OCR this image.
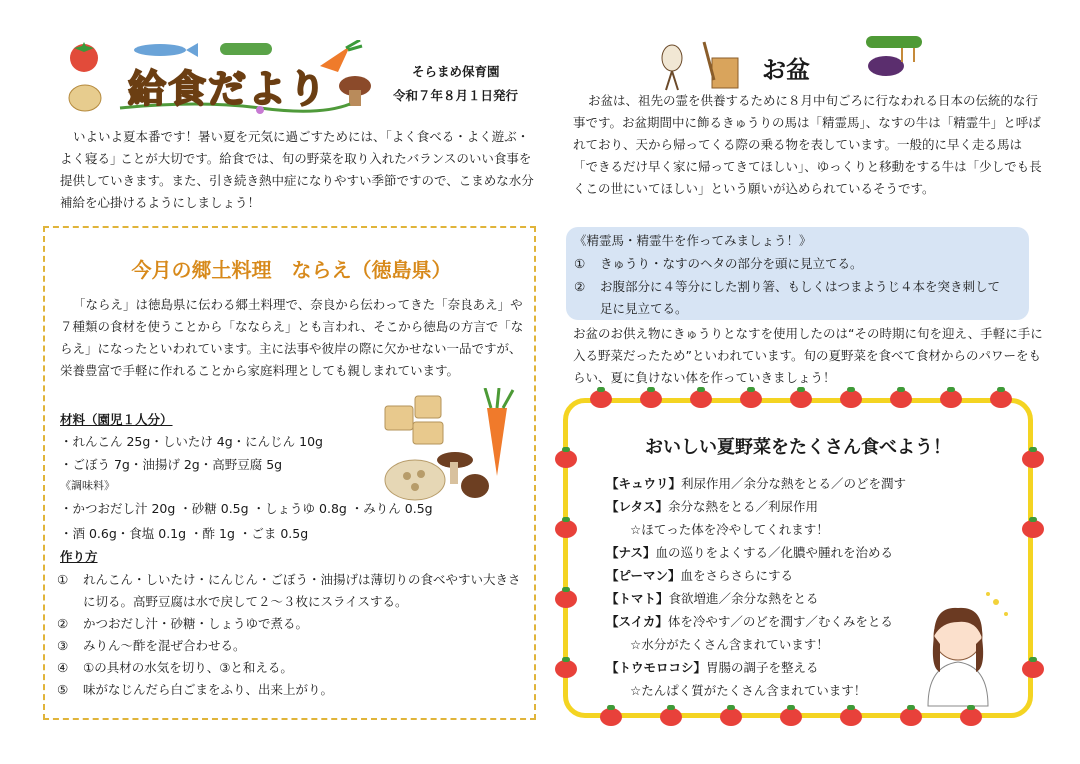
給食だより	そらまめ保育園
令和７年８月１日発行

いよいよ夏本番です！暑い夏を元気に過ごすためには、｢よく食べる・よく遊ぶ・よく寝る｣ ことが大切です。給食では、旬の野菜を取り入れたバランスのいい食事を提供していきます。また、引き続き熱中症になりやすい季節ですので、こまめな水分補給を心掛けるようにしましょう！

今月の郷土料理　ならえ（徳島県）

「ならえ」は徳島県に伝わる郷土料理で、奈良から伝わってきた「奈良あえ」や７種類の食材を使うことから「なならえ」とも言われ、そこから徳島の方言で「ならえ」になったといわれています。主に法事や彼岸の際に欠かせない一品ですが、栄養豊富で手軽に作れることから家庭料理としても親しまれています。

材料（園児１人分）
・れんこん 25g・しいたけ 4g・にんじん 10g
・ごぼう 7g・油揚げ 2g・高野豆腐 5g
《調味料》
・かつおだし汁 20g ・砂糖 0.5g ・しょうゆ 0.8g ・みりん 0.5g
・酒 0.6g・食塩 0.1g ・酢 1g ・ごま 0.5g
作り方
①	れんこん・しいたけ・にんじん・ごぼう・油揚げは薄切りの食べやすい大きさに切る。高野豆腐は水で戻して２〜３枚にスライスする。
②	かつおだし汁・砂糖・しょうゆで煮る。
③	みりん〜酢を混ぜ合わせる。
④	①の具材の水気を切り、③と和える。
⑤	味がなじんだら白ごまをふり、出来上がり。
お盆

お盆は、祖先の霊を供養するために８月中旬ごろに行なわれる日本の伝統的な行事です。お盆期間中に飾るきゅうりの馬は「精霊馬」、なすの牛は「精霊牛」と呼ばれており、天から帰ってくる際の乗る物を表しています。一般的に早く走る馬は「できるだけ早く家に帰ってきてほしい」、ゆっくりと移動をする牛は「少しでも長くこの世にいてほしい」という願いが込められているそうです。

《精霊馬・精霊牛を作ってみましょう！》
①	きゅうり・なすのヘタの部分を頭に見立てる。
②	お腹部分に４等分にした割り箸、もしくはつまようじ４本を突き刺して足に見立てる。

お盆のお供え物にきゅうりとなすを使用したのは“その時期に旬を迎え、手軽に手に入る野菜だったため”といわれています。旬の夏野菜を食べて食材からのパワーをもらい、夏に負けない体を作っていきましょう！

おいしい夏野菜をたくさん食べよう！
【キュウリ】利尿作用／余分な熱をとる／のどを潤す
【レタス】余分な熱をとる／利尿作用
☆ほてった体を冷やしてくれます！
【ナス】血の巡りをよくする／化膿や腫れを治める
【ピーマン】血をさらさらにする
【トマト】食欲増進／余分な熱をとる
【スイカ】体を冷やす／のどを潤す／むくみをとる
☆水分がたくさん含まれています！
【トウモロコシ】胃腸の調子を整える
☆たんぱく質がたくさん含まれています！
